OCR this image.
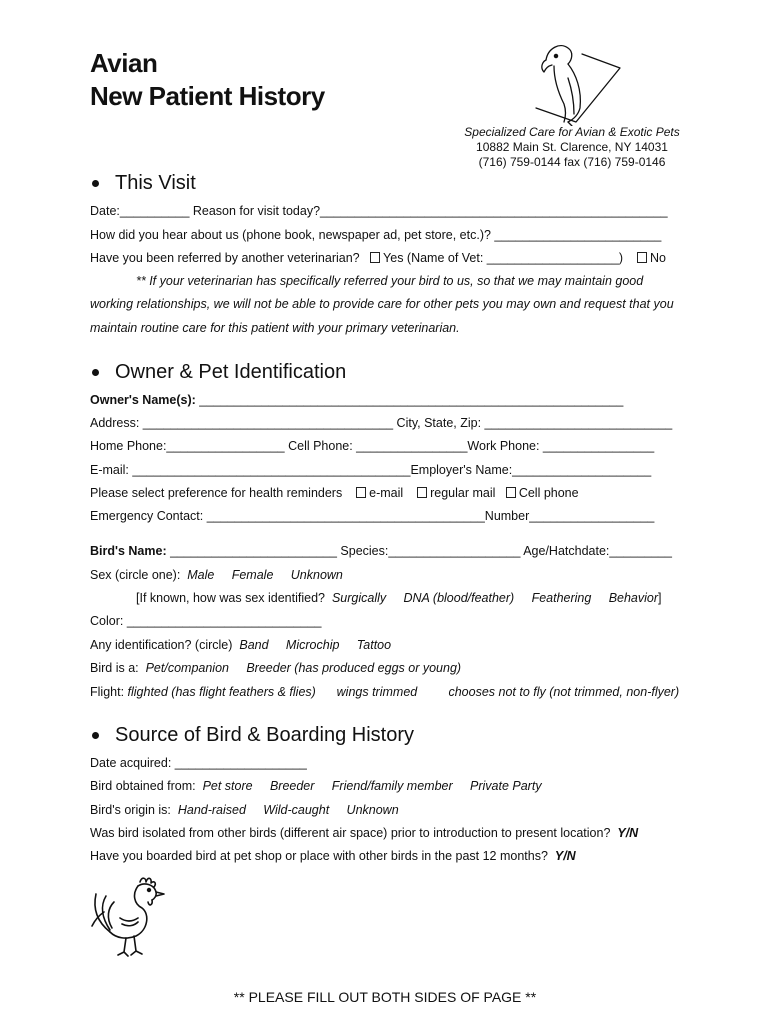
Avian
New Patient History
Specialized Care for Avian & Exotic Pets
10882 Main St. Clarence, NY 14031
(716) 759-0144 fax (716) 759-0146
This Visit
Date:__________ Reason for visit today?__________________________________________________
How did you hear about us (phone book, newspaper ad, pet store, etc.)? ________________________
Have you been referred by another veterinarian? Yes (Name of Vet: ___________________) No
** If your veterinarian has specifically referred your bird to us, so that we may maintain good
working relationships, we will not be able to provide care for other pets you may own and request that you
maintain routine care for this patient with your primary veterinarian.
Owner & Pet Identification
Owner's Name(s): _____________________________________________________________
Address: ____________________________________ City, State, Zip: ___________________________
Home Phone:_________________ Cell Phone: ________________Work Phone: ________________
E-mail: ________________________________________Employer's Name:____________________
Please select preference for health reminders e-mail regular mail Cell phone
Emergency Contact: ________________________________________Number__________________
Bird's Name: ________________________ Species:___________________ Age/Hatchdate:_________
Sex (circle one): Male     Female     Unknown
[If known, how was sex identified? Surgically     DNA (blood/feather)     Feathering     Behavior]
Color: ____________________________
Any identification? (circle) Band     Microchip     Tattoo
Bird is a: Pet/companion     Breeder (has produced eggs or young)
Flight: flighted (has flight feathers & flies)      wings trimmed         chooses not to fly (not trimmed, non-flyer)
Source of Bird & Boarding History
Date acquired: ___________________
Bird obtained from: Pet store     Breeder     Friend/family member     Private Party
Bird's origin is: Hand-raised     Wild-caught     Unknown
Was bird isolated from other birds (different air space) prior to introduction to present location? Y/N
Have you boarded bird at pet shop or place with other birds in the past 12 months? Y/N
** PLEASE FILL OUT BOTH SIDES OF PAGE **
